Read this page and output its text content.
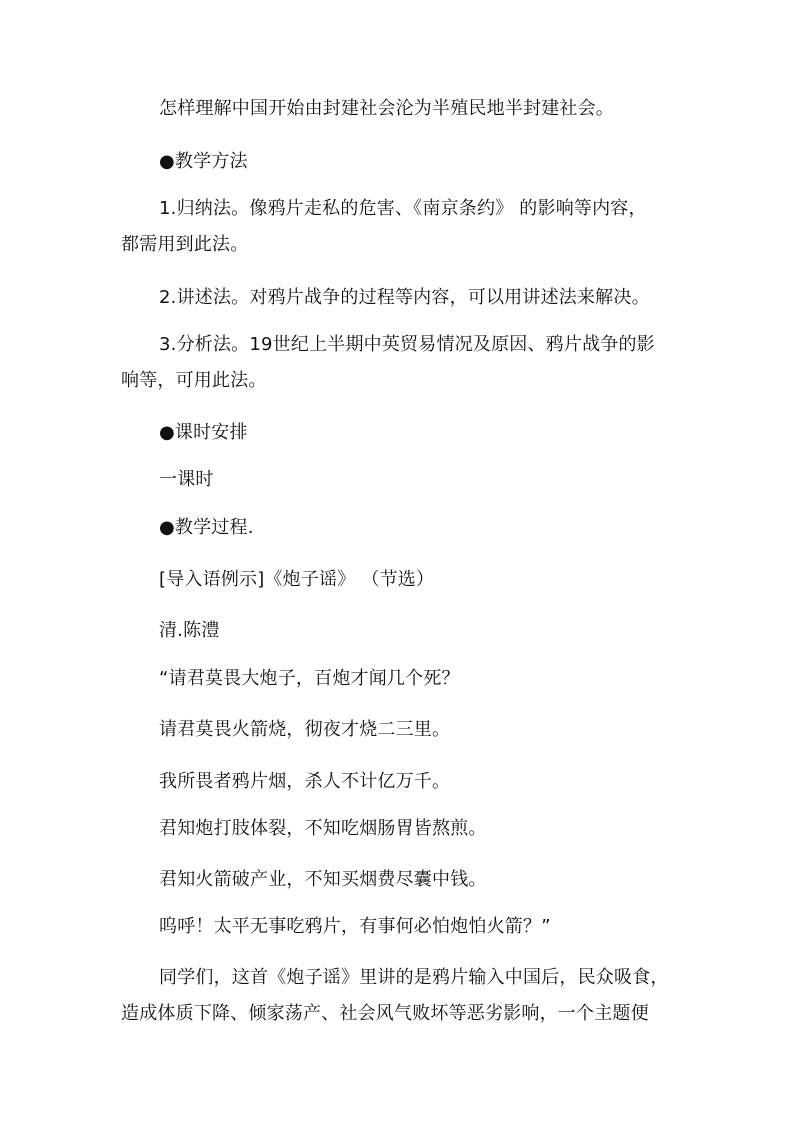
怎样理解中国开始由封建社会沦为半殖民地半封建社会。
●教学方法
1.归纳法。像鸦片走私的危害、《南京条约》 的影响等内容，
都需用到此法。
2.讲述法。对鸦片战争的过程等内容，可以用讲述法来解决。
3.分析法。19世纪上半期中英贸易情况及原因、鸦片战争的影
响等，可用此法。
●课时安排
一课时
●教学过程.
[导入语例示]《炮子谣》 （节选）
清.陈澧
“请君莫畏大炮子，百炮才闻几个死？
请君莫畏火箭烧，彻夜才烧二三里。
我所畏者鸦片烟，杀人不计亿万千。
君知炮打肢体裂，不知吃烟肠胃皆熬煎。
君知火箭破产业，不知买烟费尽囊中钱。
呜呼！太平无事吃鸦片，有事何必怕炮怕火箭？”
同学们，这首《炮子谣》里讲的是鸦片输入中国后，民众吸食，
造成体质下降、倾家荡产、社会风气败坏等恶劣影响，一个主题便
